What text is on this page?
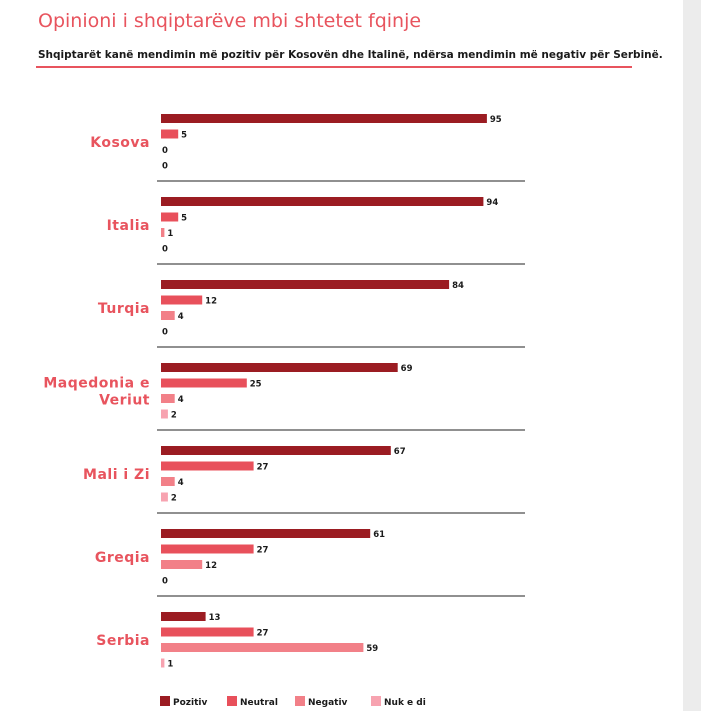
Opinioni i shqiptarëve mbi shtetet fqinje
Shqiptarët kanë mendimin më pozitiv për Kosovën dhe Italinë, ndërsa mendimin më negativ për Serbinë.
Kosova
95
5
0
0
Italia
94
5
1
0
Turqia
84
12
4
0
Maqedonia e
Veriut
69
25
4
2
Mali i Zi
67
27
4
2
Greqia
61
27
12
0
Serbia
13
27
59
1
Pozitiv	Neutral	Negativ	Nuk e di
